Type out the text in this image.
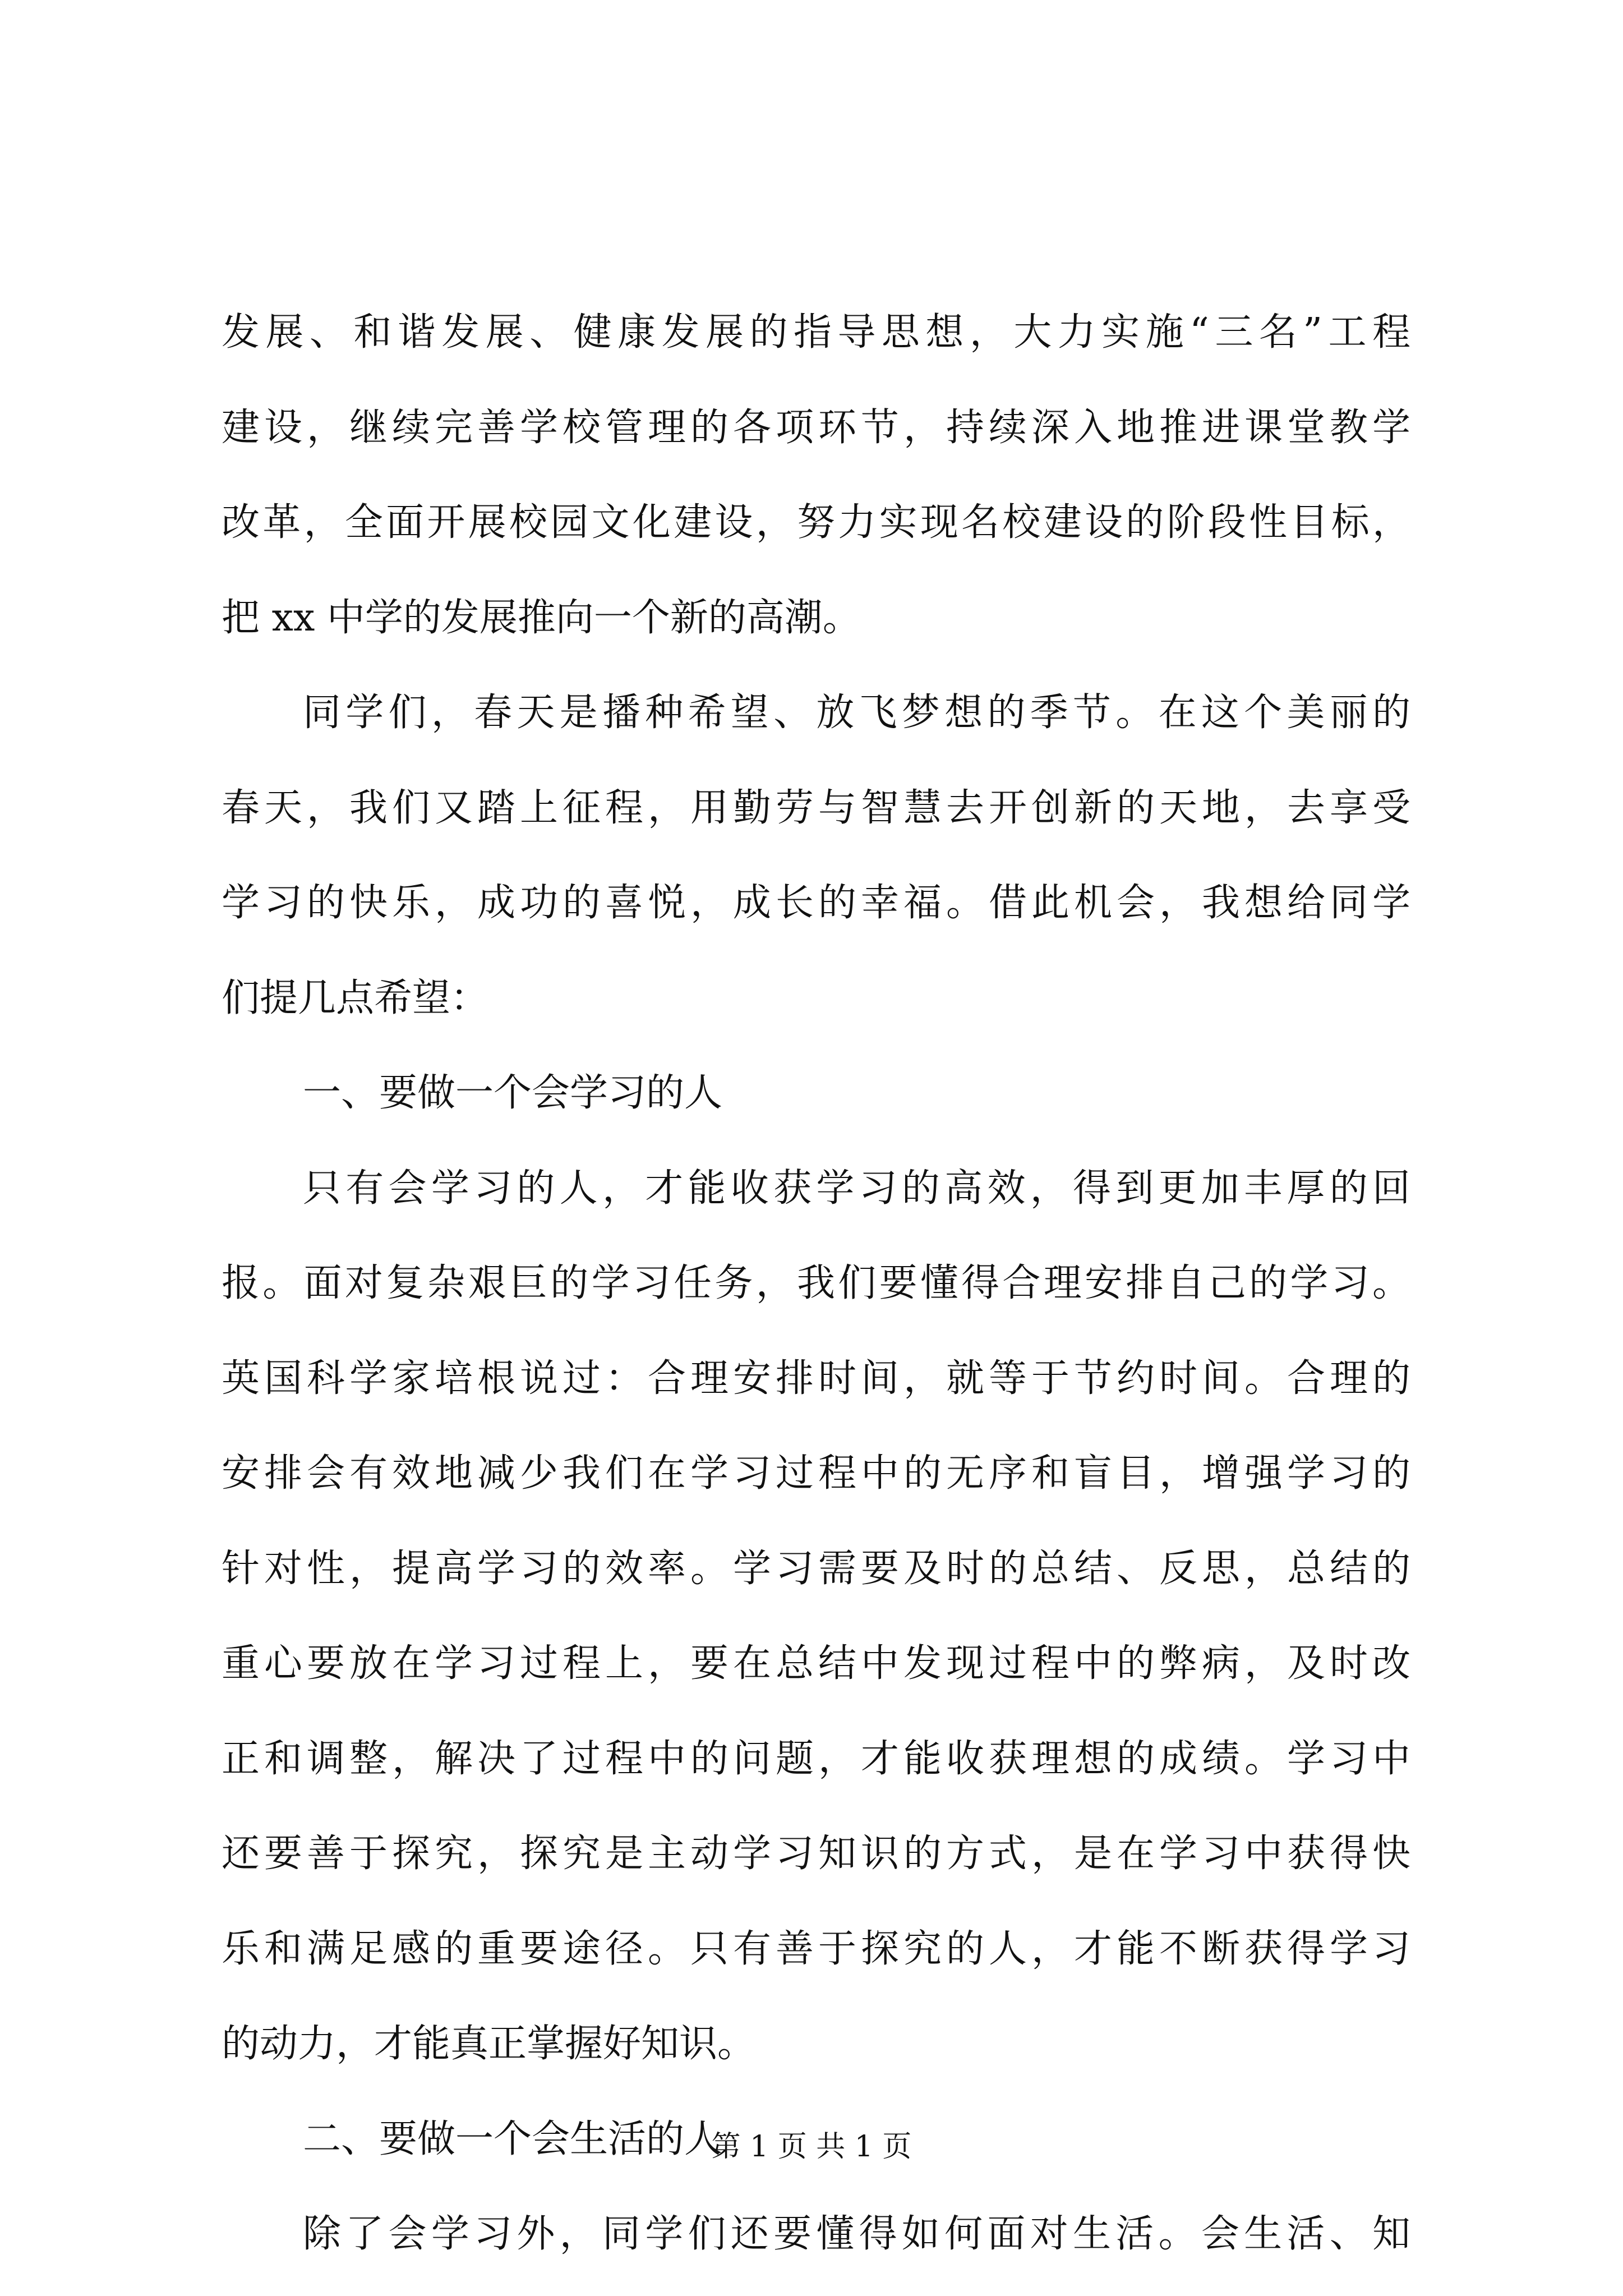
发展、和谐发展、健康发展的指导思想，大力实施“三名”工程
建设，继续完善学校管理的各项环节，持续深入地推进课堂教学
改革，全面开展校园文化建设，努力实现名校建设的阶段性目标，
把 xx 中学的发展推向一个新的高潮。
同学们，春天是播种希望、放飞梦想的季节。在这个美丽的
春天，我们又踏上征程，用勤劳与智慧去开创新的天地，去享受
学习的快乐，成功的喜悦，成长的幸福。借此机会，我想给同学
们提几点希望：
一、要做一个会学习的人
只有会学习的人，才能收获学习的高效，得到更加丰厚的回
报。面对复杂艰巨的学习任务，我们要懂得合理安排自己的学习。
英国科学家培根说过：合理安排时间，就等于节约时间。合理的
安排会有效地减少我们在学习过程中的无序和盲目，增强学习的
针对性，提高学习的效率。学习需要及时的总结、反思，总结的
重心要放在学习过程上，要在总结中发现过程中的弊病，及时改
正和调整，解决了过程中的问题，才能收获理想的成绩。学习中
还要善于探究，探究是主动学习知识的方式，是在学习中获得快
乐和满足感的重要途径。只有善于探究的人，才能不断获得学习
的动力，才能真正掌握好知识。
二、要做一个会生活的人
除了会学习外，同学们还要懂得如何面对生活。会生活、知
第 1 页 共 1 页
